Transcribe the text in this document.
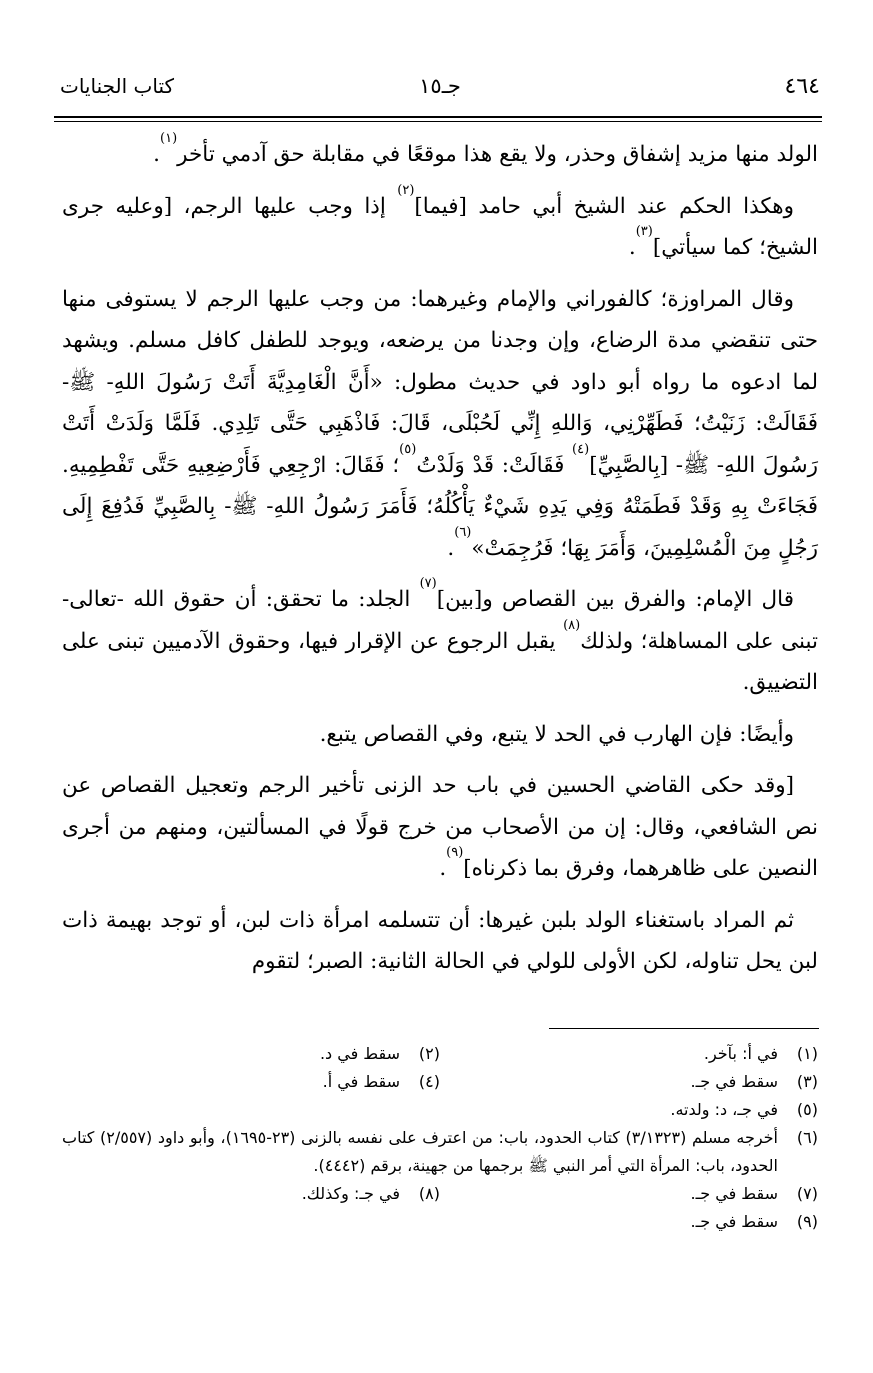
٤٦٤
جـ١٥
كتاب الجنايات

الولد منها مزيد إشفاق وحذر، ولا يقع هذا موقعًا في مقابلة حق آدمي تأخر$^{(١)}$.

وهكذا الحكم عند الشيخ أبي حامد [فيما]$^{(٢)}$ إذا وجب عليها الرجم، [وعليه جرى الشيخ؛ كما سيأتي]$^{(٣)}$.

وقال المراوزة؛ كالفوراني والإمام وغيرهما: من وجب عليها الرجم لا يستوفى منها حتى تنقضي مدة الرضاع، وإن وجدنا من يرضعه، ويوجد للطفل كافل مسلم. ويشهد لما ادعوه ما رواه أبو داود في حديث مطول: «أَنَّ الْغَامِدِيَّةَ أَتَتْ رَسُولَ اللهِ- ﷺ- فَقَالَتْ: زَنَيْتُ؛ فَطَهِّرْنِي، وَاللهِ إِنِّي لَحُبْلَى، قَالَ: فَاذْهَبِي حَتَّى تَلِدِي. فَلَمَّا وَلَدَتْ أَتَتْ رَسُولَ اللهِ- ﷺ- [بِالصَّبِيِّ]$^{(٤)}$ فَقَالَتْ: قَدْ وَلَدْتُ$^{(٥)}$؛ فَقَالَ: ارْجِعِي فَأَرْضِعِيهِ حَتَّى تَفْطِمِيهِ. فَجَاءَتْ بِهِ وَقَدْ فَطَمَتْهُ وَفِي يَدِهِ شَيْءٌ يَأْكُلُهُ؛ فَأَمَرَ رَسُولُ اللهِ- ﷺ- بِالصَّبِيِّ فَدُفِعَ إِلَى رَجُلٍ مِنَ الْمُسْلِمِينَ، وَأَمَرَ بِهَا؛ فَرُجِمَتْ»$^{(٦)}$.

قال الإمام: والفرق بين القصاص و[بين]$^{(٧)}$ الجلد: ما تحقق: أن حقوق الله -تعالى- تبنى على المساهلة؛ ولذلك$^{(٨)}$ يقبل الرجوع عن الإقرار فيها، وحقوق الآدميين تبنى على التضييق.

وأيضًا: فإن الهارب في الحد لا يتبع، وفي القصاص يتبع.

[وقد حكى القاضي الحسين في باب حد الزنى تأخير الرجم وتعجيل القصاص عن نص الشافعي، وقال: إن من الأصحاب من خرج قولًا في المسألتين، ومنهم من أجرى النصين على ظاهرهما، وفرق بما ذكرناه]$^{(٩)}$.

ثم المراد باستغناء الولد بلبن غيرها: أن تتسلمه امرأة ذات لبن، أو توجد بهيمة ذات لبن يحل تناوله، لكن الأولى للولي في الحالة الثانية: الصبر؛ لتقوم

(١)
في أ: بآخر.
(٢)
سقط في د.
(٣)
سقط في جـ.
(٤)
سقط في أ.
(٥)
في جـ، د: ولدته.
(٦)
أخرجه مسلم (٣/١٣٢٣) كتاب الحدود، باب: من اعترف على نفسه بالزنى (٢٣-١٦٩٥)، وأبو داود (٢/٥٥٧) كتاب الحدود، باب: المرأة التي أمر النبي ﷺ برجمها من جهينة، برقم (٤٤٤٢).
(٧)
سقط في جـ.
(٨)
في جـ: وكذلك.
(٩)
سقط في جـ.
